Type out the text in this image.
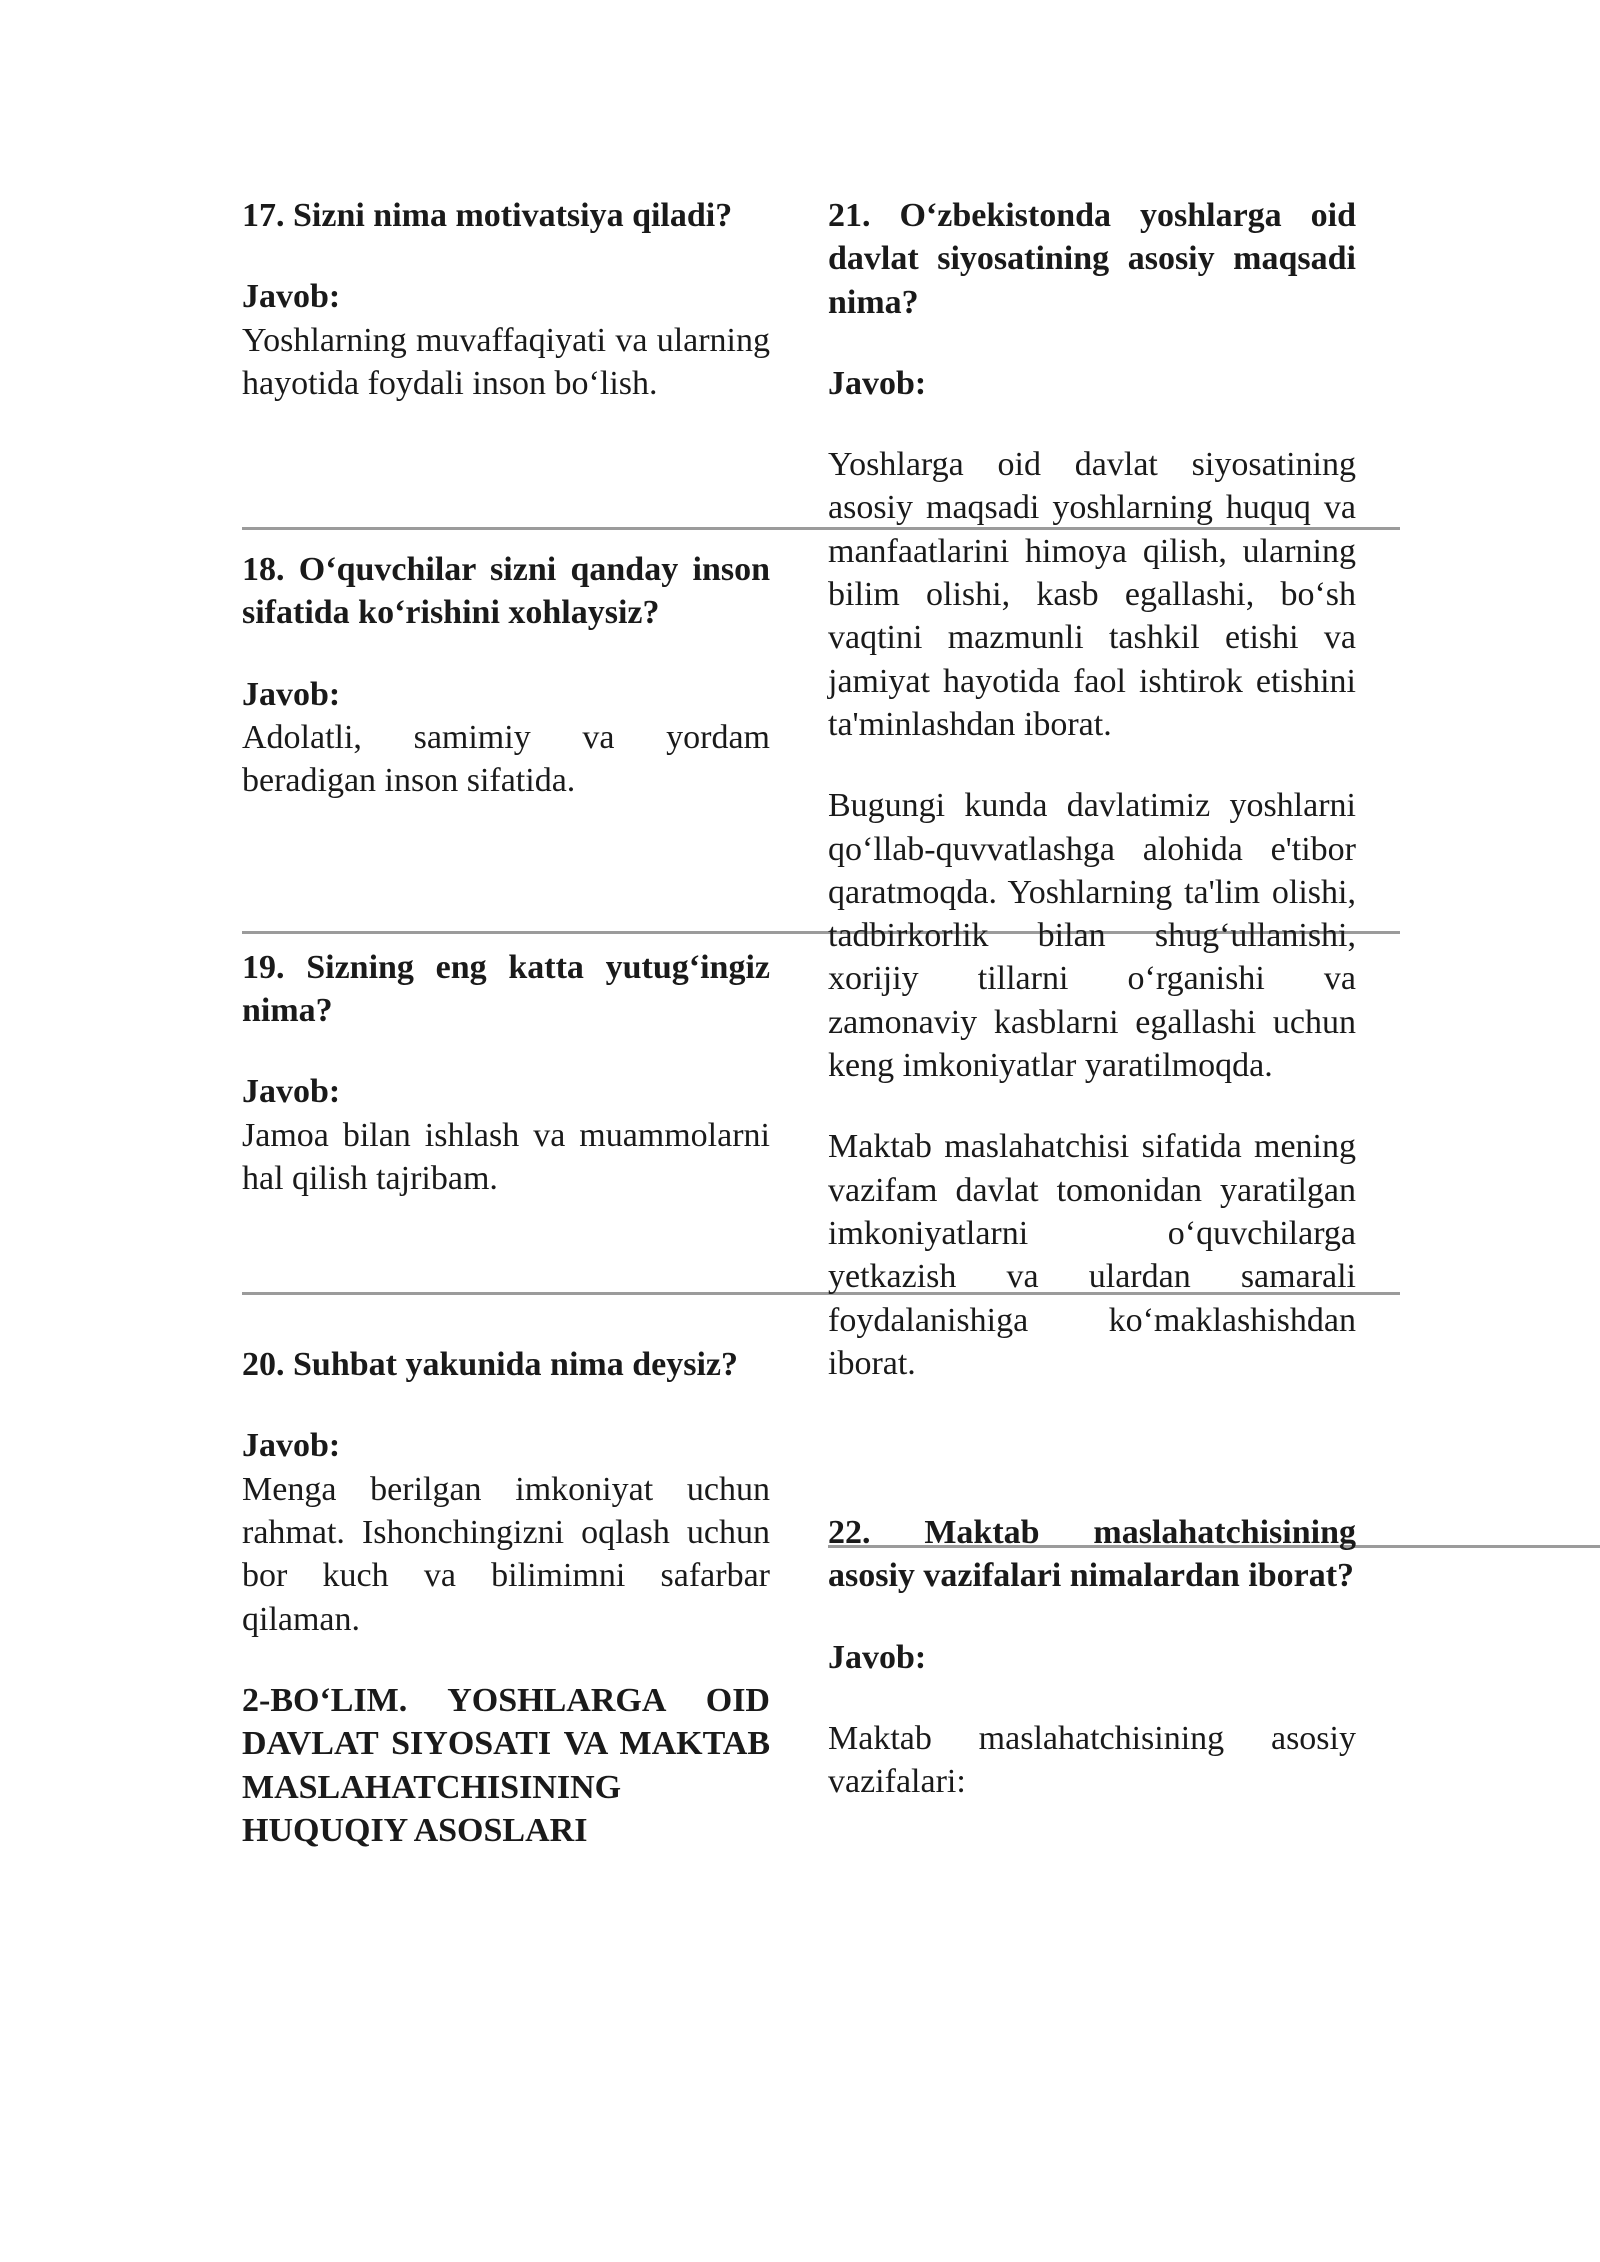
17. Sizni nima motivatsiya qiladi?

Javob:

Yoshlarning muvaffaqiyati va ularning hayotida foydali inson bo‘lish.

18. O‘quvchilar sizni qanday inson sifatida ko‘rishini xohlaysiz?

Javob:

Adolatli, samimiy va yordam beradigan inson sifatida.

19. Sizning eng katta yutug‘ingiz nima?

Javob:

Jamoa bilan ishlash va muammolarni hal qilish tajribam.

20. Suhbat yakunida nima deysiz?

Javob:

Menga berilgan imkoniyat uchun rahmat. Ishonchingizni oqlash uchun bor kuch va bilimimni safarbar qilaman.

2-BO‘LIM. YOSHLARGA OID DAVLAT SIYOSATI VA MAKTAB MASLAHATCHISINING HUQUQIY ASOSLARI

21. O‘zbekistonda yoshlarga oid davlat siyosatining asosiy maqsadi nima?

Javob:

Yoshlarga oid davlat siyosatining asosiy maqsadi yoshlarning huquq va manfaatlarini himoya qilish, ularning bilim olishi, kasb egallashi, bo‘sh vaqtini mazmunli tashkil etishi va jamiyat hayotida faol ishtirok etishini ta'minlashdan iborat.

Bugungi kunda davlatimiz yoshlarni qo‘llab-quvvatlashga alohida e'tibor qaratmoqda. Yoshlarning ta'lim olishi, tadbirkorlik bilan shug‘ullanishi, xorijiy tillarni o‘rganishi va zamonaviy kasblarni egallashi uchun keng imkoniyatlar yaratilmoqda.

Maktab maslahatchisi sifatida mening vazifam davlat tomonidan yaratilgan imkoniyatlarni o‘quvchilarga yetkazish va ulardan samarali foydalanishiga ko‘maklashishdan iborat.

22. Maktab maslahatchisining asosiy vazifalari nimalardan iborat?

Javob:

Maktab maslahatchisining asosiy vazifalari:
